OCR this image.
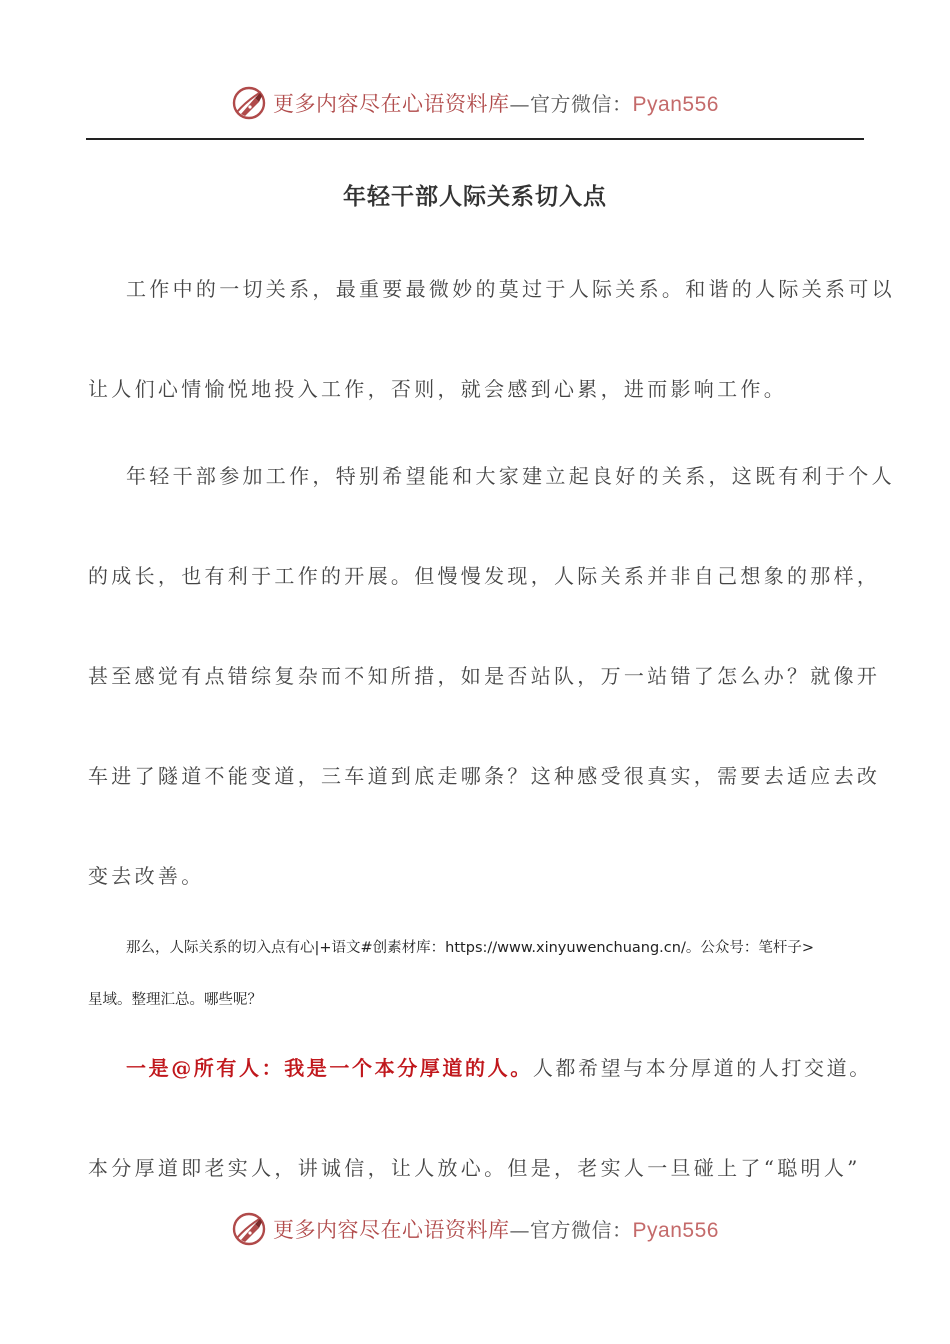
更多内容尽在心语资料库—官方微信：Pyan556
年轻干部人际关系切入点
工作中的一切关系，最重要最微妙的莫过于人际关系。和谐的人际关系可以
让人们心情愉悦地投入工作，否则，就会感到心累，进而影响工作。
年轻干部参加工作，特别希望能和大家建立起良好的关系，这既有利于个人
的成长，也有利于工作的开展。但慢慢发现，人际关系并非自己想象的那样，
甚至感觉有点错综复杂而不知所措，如是否站队，万一站错了怎么办？就像开
车进了隧道不能变道，三车道到底走哪条？这种感受很真实，需要去适应去改
变去改善。
那么，人际关系的切入点有心|+语文#创素材库：https://www.xinyuwenchuang.cn/。公众号：笔杆子>
星域。整理汇总。哪些呢？
一是@所有人：我是一个本分厚道的人。人都希望与本分厚道的人打交道。
本分厚道即老实人，讲诚信，让人放心。但是，老实人一旦碰上了“聪明人”
更多内容尽在心语资料库—官方微信：Pyan556
